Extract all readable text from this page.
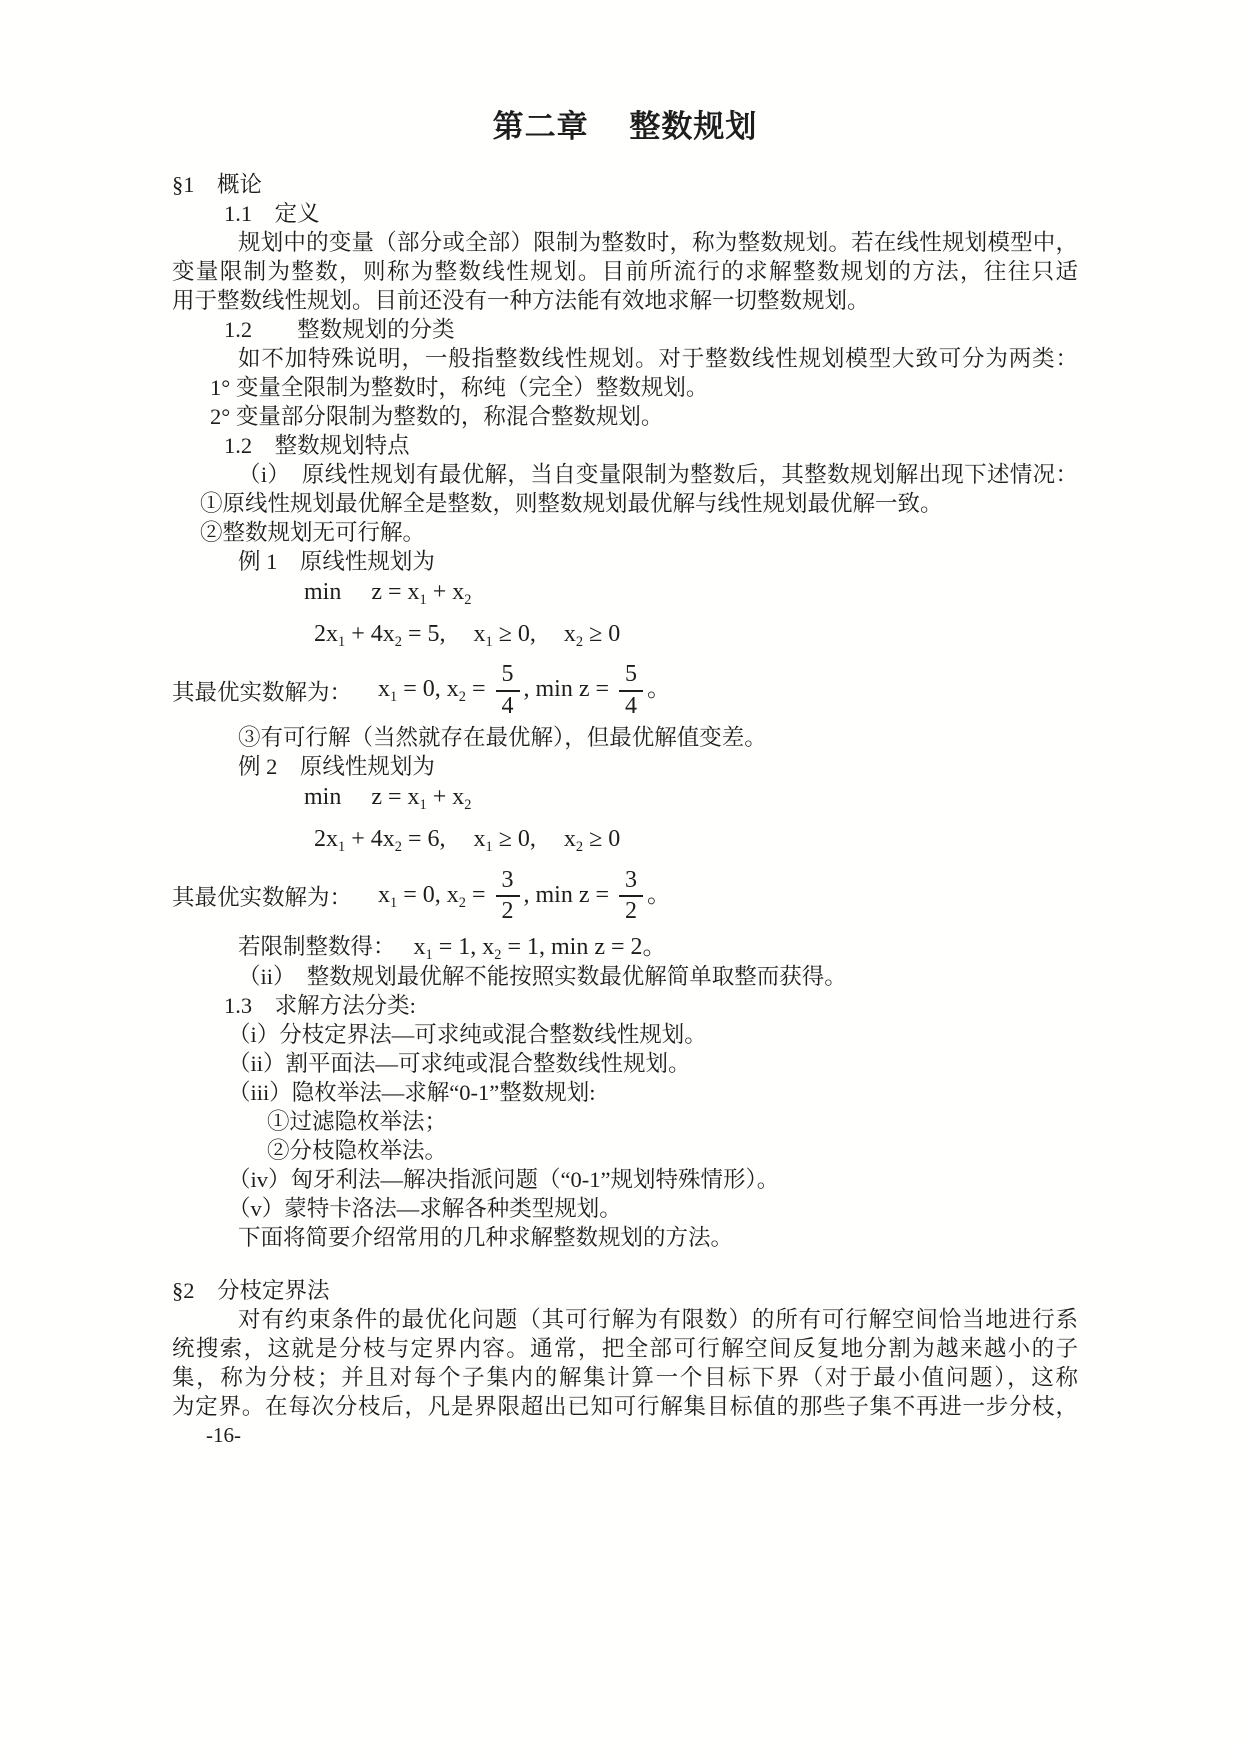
第二章　 整数规划
§1　概论
1.1　定义
规划中的变量（部分或全部）限制为整数时，称为整数规划。若在线性规划模型中，
变量限制为整数，则称为整数线性规划。目前所流行的求解整数规划的方法，往往只适
用于整数线性规划。目前还没有一种方法能有效地求解一切整数规划。
1.2　　整数规划的分类
如不加特殊说明，一般指整数线性规划。对于整数线性规划模型大致可分为两类：
1° 变量全限制为整数时，称纯（完全）整数规划。
2° 变量部分限制为整数的，称混合整数规划。
1.2　整数规划特点
（i）　原线性规划有最优解，当自变量限制为整数后，其整数规划解出现下述情况：
①原线性规划最优解全是整数，则整数规划最优解与线性规划最优解一致。
②整数规划无可行解。
例 1　原线性规划为
$\min z = x_1 + x_2$
$2x_1 + 4x_2 = 5$, $x_1 \ge 0$, $x_2 \ge 0$
其最优实数解为： $x_1 = 0$, $x_2 = \frac{5}{4}$ , $\min z = \frac{5}{4}$ 。
③有可行解（当然就存在最优解），但最优解值变差。
例 2　原线性规划为
$\min z = x_1 + x_2$
$2x_1 + 4x_2 = 6$, $x_1 \ge 0$, $x_2 \ge 0$
其最优实数解为： $x_1 = 0$, $x_2 = \frac{3}{2}$ , $\min z = \frac{3}{2}$ 。
若限制整数得： $x_1 = 1$, $x_2 = 1$, min z = 2。
（ii）　整数规划最优解不能按照实数最优解简单取整而获得。
1.3　求解方法分类:
（i）分枝定界法—可求纯或混合整数线性规划。
（ii）割平面法—可求纯或混合整数线性规划。
（iii）隐枚举法—求解“0-1”整数规划:
①过滤隐枚举法；
②分枝隐枚举法。
（iv）匈牙利法—解决指派问题（“0-1”规划特殊情形）。
（v）蒙特卡洛法—求解各种类型规划。
下面将简要介绍常用的几种求解整数规划的方法。
§2　分枝定界法
对有约束条件的最优化问题（其可行解为有限数）的所有可行解空间恰当地进行系
统搜索，这就是分枝与定界内容。通常，把全部可行解空间反复地分割为越来越小的子
集，称为分枝；并且对每个子集内的解集计算一个目标下界（对于最小值问题），这称
为定界。在每次分枝后，凡是界限超出已知可行解集目标值的那些子集不再进一步分枝，
-16-
